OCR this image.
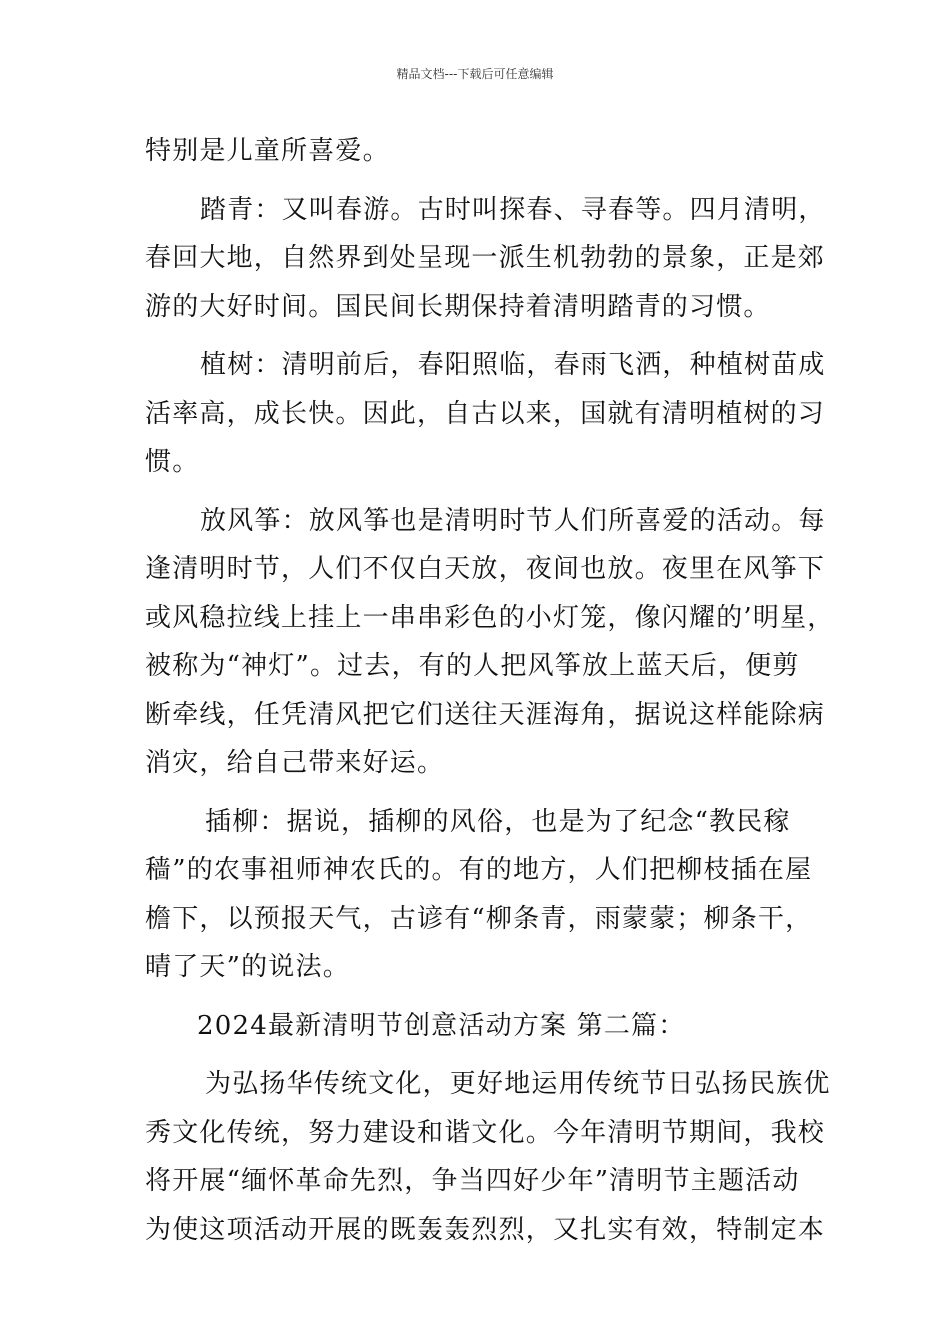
精品文档---下载后可任意编辑
特别是儿童所喜爱。
踏青：又叫春游。古时叫探春、寻春等。四月清明，
春回大地，自然界到处呈现一派生机勃勃的景象，正是郊
游的大好时间。国民间长期保持着清明踏青的习惯。
植树：清明前后，春阳照临，春雨飞洒，种植树苗成
活率高，成长快。因此，自古以来，国就有清明植树的习
惯。
放风筝：放风筝也是清明时节人们所喜爱的活动。每
逢清明时节，人们不仅白天放，夜间也放。夜里在风筝下
或风稳拉线上挂上一串串彩色的小灯笼，像闪耀的’明星，
被称为“神灯”。过去，有的人把风筝放上蓝天后，便剪
断牵线，任凭清风把它们送往天涯海角，据说这样能除病
消灾，给自己带来好运。
插柳：据说，插柳的风俗，也是为了纪念“教民稼
穑”的农事祖师神农氏的。有的地方，人们把柳枝插在屋
檐下，以预报天气，古谚有“柳条青，雨蒙蒙；柳条干，
晴了天”的说法。
2024最新清明节创意活动方案 第二篇：
为弘扬华传统文化，更好地运用传统节日弘扬民族优
秀文化传统，努力建设和谐文化。今年清明节期间，我校
将开展“缅怀革命先烈，争当四好少年”清明节主题活动
为使这项活动开展的既轰轰烈烈，又扎实有效，特制定本
